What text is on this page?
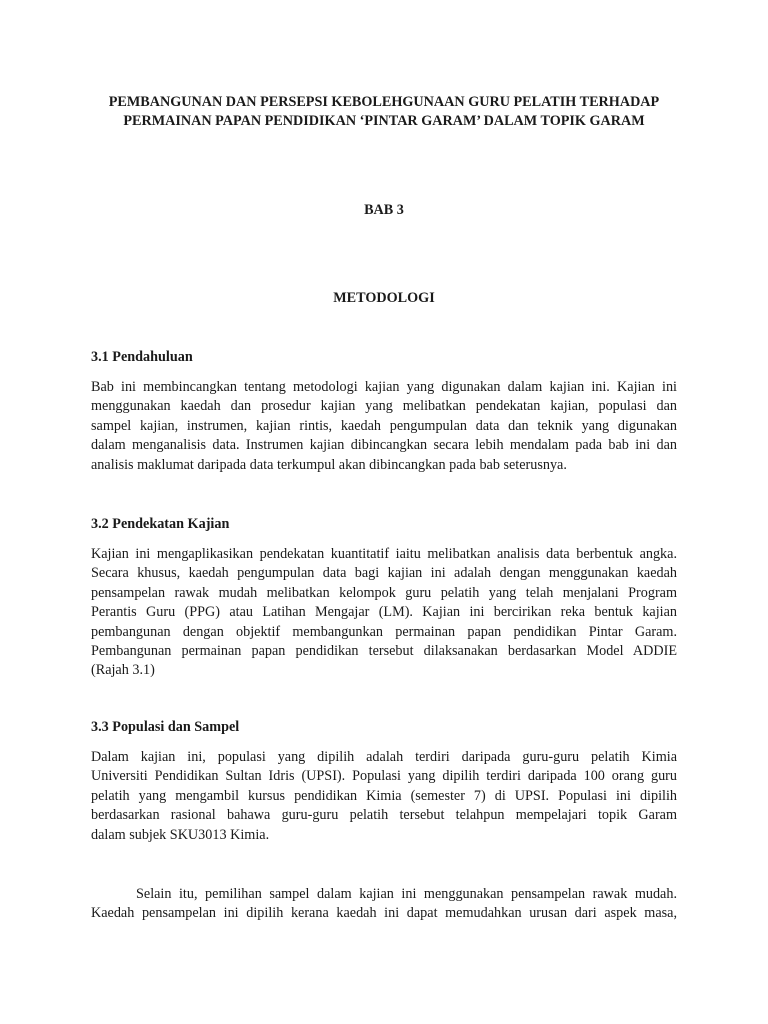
PEMBANGUNAN DAN PERSEPSI KEBOLEHGUNAAN GURU PELATIH TERHADAP
PERMAINAN PAPAN PENDIDIKAN ‘PINTAR GARAM’ DALAM TOPIK GARAM
BAB 3
METODOLOGI
3.1 Pendahuluan
Bab ini membincangkan tentang metodologi kajian yang digunakan dalam kajian ini. Kajian ini
menggunakan kaedah dan prosedur kajian yang melibatkan pendekatan kajian, populasi dan
sampel kajian, instrumen, kajian rintis, kaedah pengumpulan data dan teknik yang digunakan
dalam menganalisis data. Instrumen kajian dibincangkan secara lebih mendalam pada bab ini dan
analisis maklumat daripada data terkumpul akan dibincangkan pada bab seterusnya.
3.2 Pendekatan Kajian
Kajian ini mengaplikasikan pendekatan kuantitatif iaitu melibatkan analisis data berbentuk angka.
Secara khusus, kaedah pengumpulan data bagi kajian ini adalah dengan menggunakan kaedah
pensampelan rawak mudah melibatkan kelompok guru pelatih yang telah menjalani Program
Perantis Guru (PPG) atau Latihan Mengajar (LM). Kajian ini bercirikan reka bentuk kajian
pembangunan dengan objektif membangunkan permainan papan pendidikan Pintar Garam.
Pembangunan permainan papan pendidikan tersebut dilaksanakan berdasarkan Model ADDIE
(Rajah 3.1)
3.3 Populasi dan Sampel
Dalam kajian ini, populasi yang dipilih adalah terdiri daripada guru-guru pelatih Kimia
Universiti Pendidikan Sultan Idris (UPSI). Populasi yang dipilih terdiri daripada 100 orang guru
pelatih yang mengambil kursus pendidikan Kimia (semester 7) di UPSI. Populasi ini dipilih
berdasarkan rasional bahawa guru-guru pelatih tersebut telahpun mempelajari topik Garam
dalam subjek SKU3013 Kimia.
Selain itu, pemilihan sampel dalam kajian ini menggunakan pensampelan rawak mudah.
Kaedah pensampelan ini dipilih kerana kaedah ini dapat memudahkan urusan dari aspek masa,
